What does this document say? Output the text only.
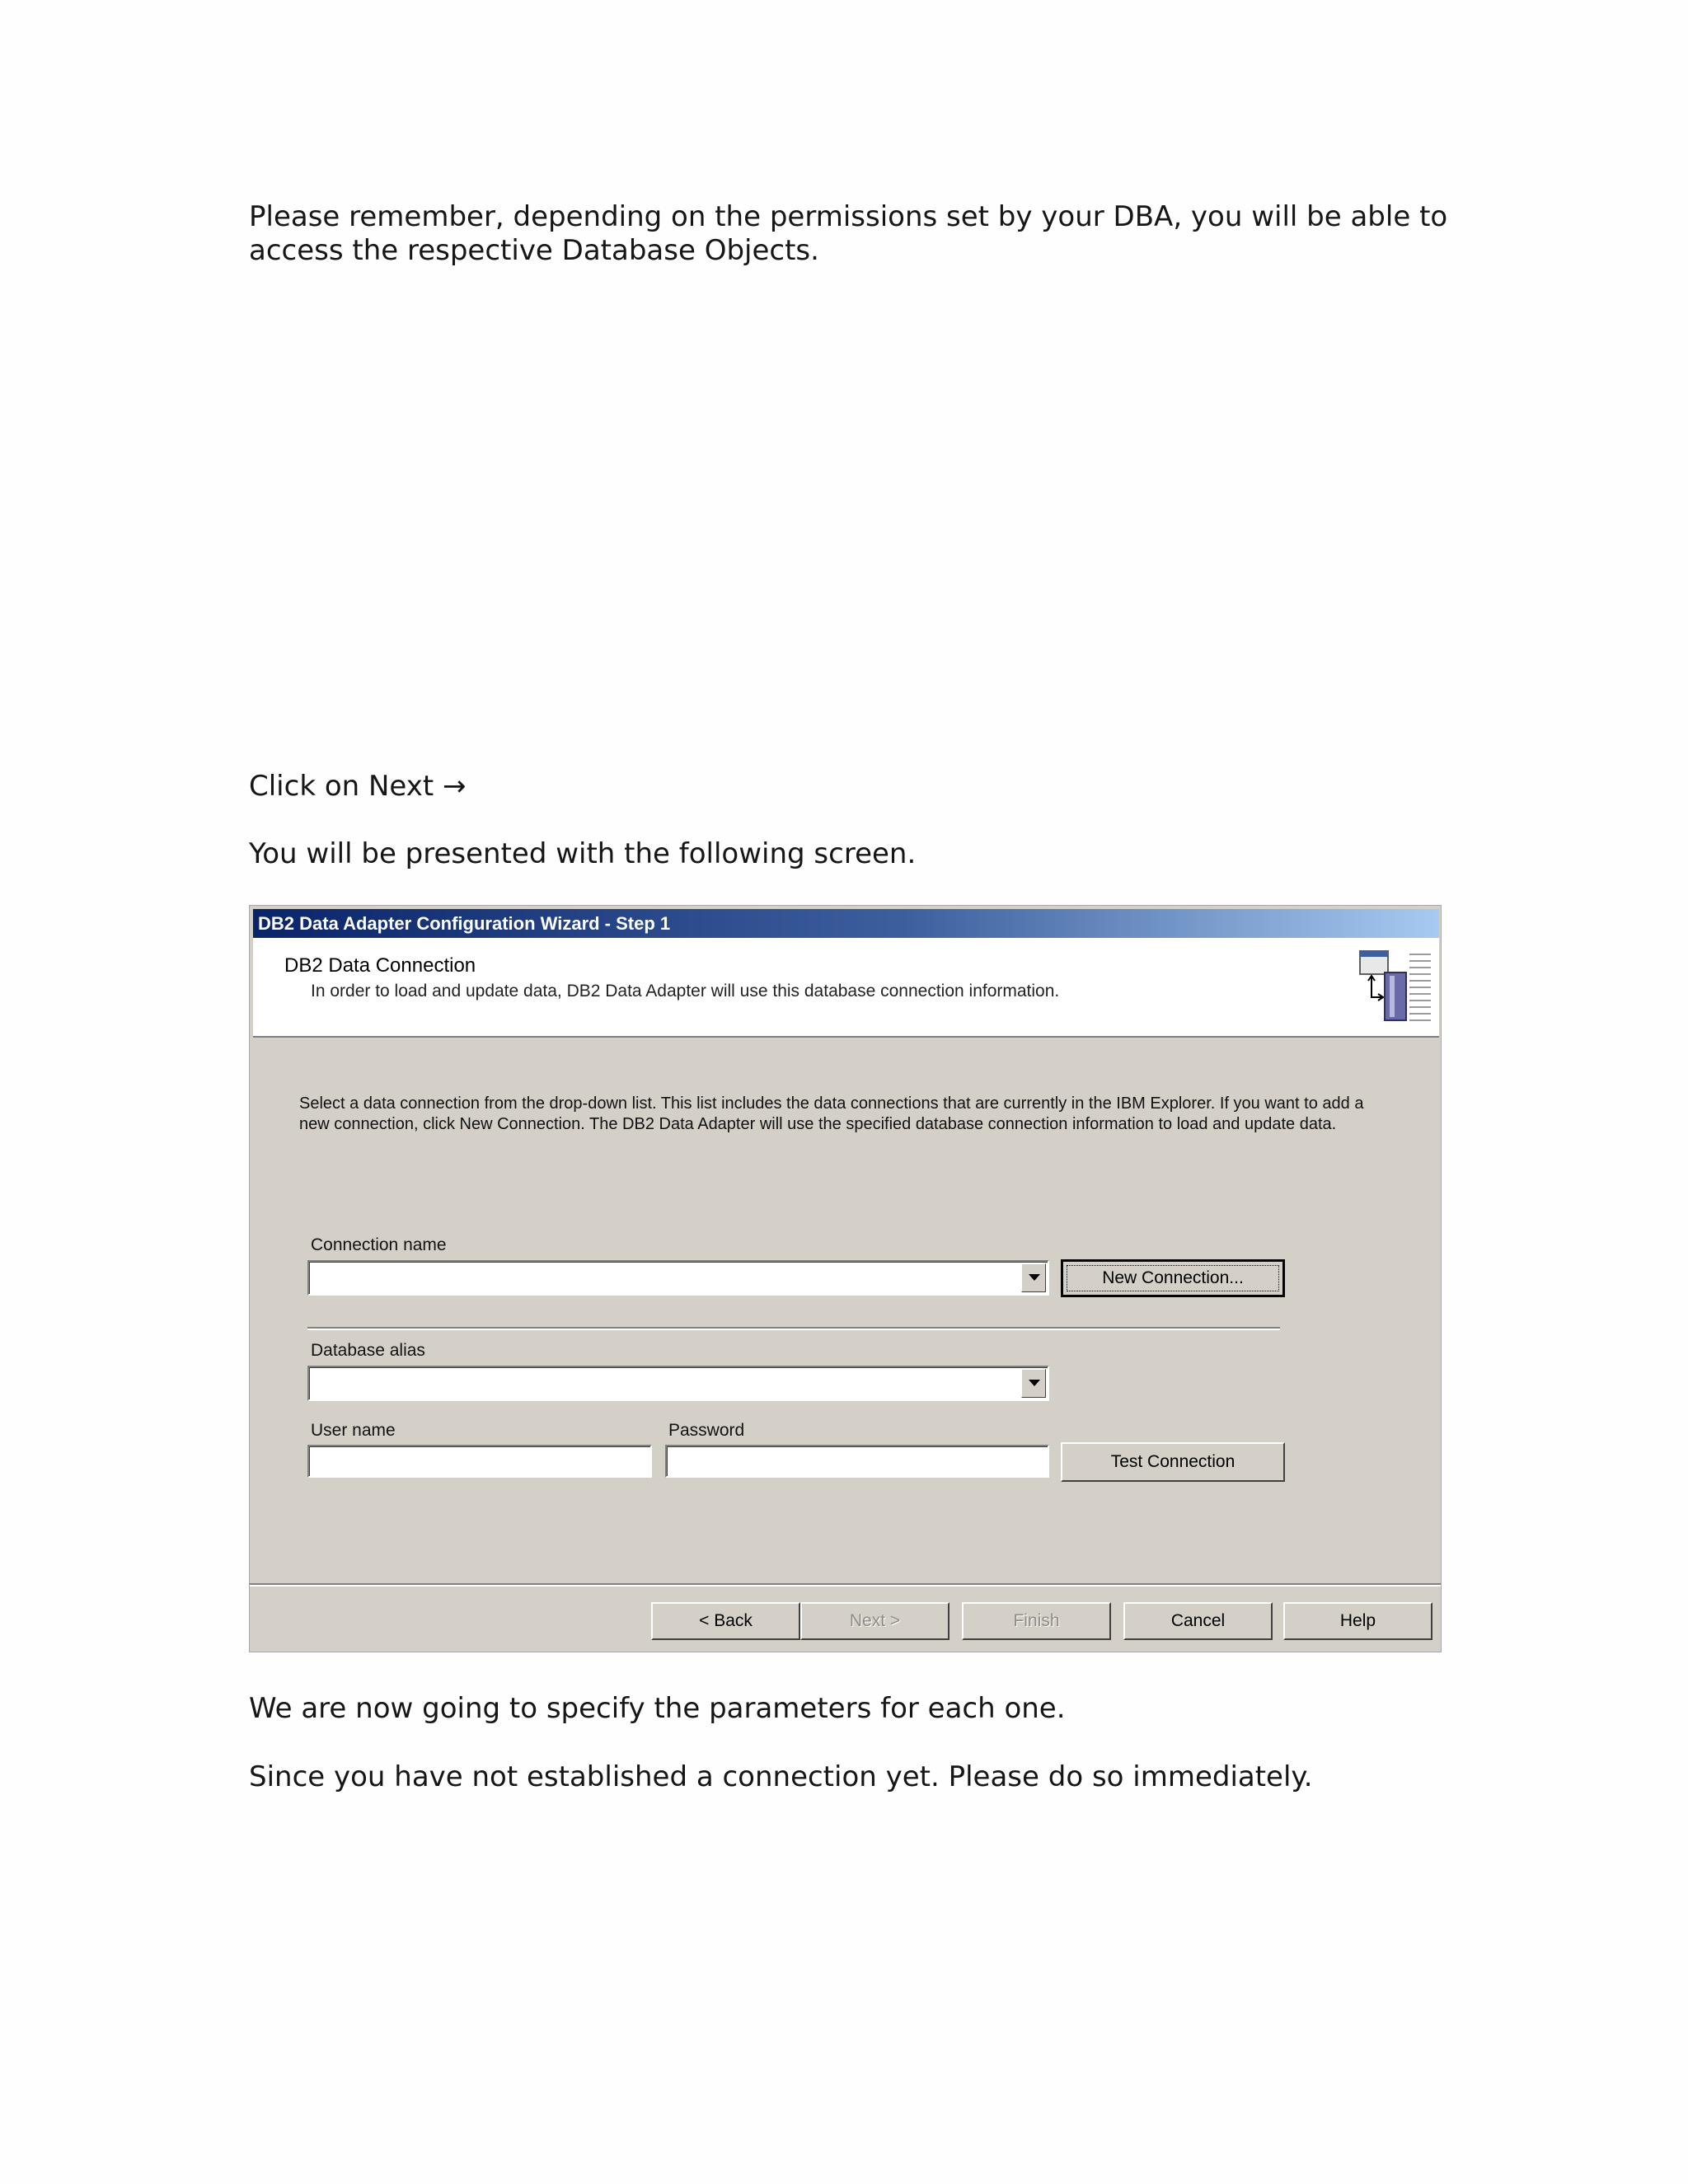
Please remember, depending on the permissions set by your DBA, you will be able to access the respective Database Objects.

Click on Next →

You will be presented with the following screen.

DB2 Data Adapter Configuration Wizard - Step 1
DB2 Data Connection
In order to load and update data, DB2 Data Adapter will use this database connection information.

Select a data connection from the drop-down list. This list includes the data connections that are currently in the IBM Explorer. If you want to add a new connection, click New Connection. The DB2 Data Adapter will use the specified database connection information to load and update data.

Connection name
New Connection...
Database alias
User name	Password
Test Connection
< Back	Next >	Finish	Cancel	Help

We are now going to specify the parameters for each one.

Since you have not established a connection yet. Please do so immediately.
